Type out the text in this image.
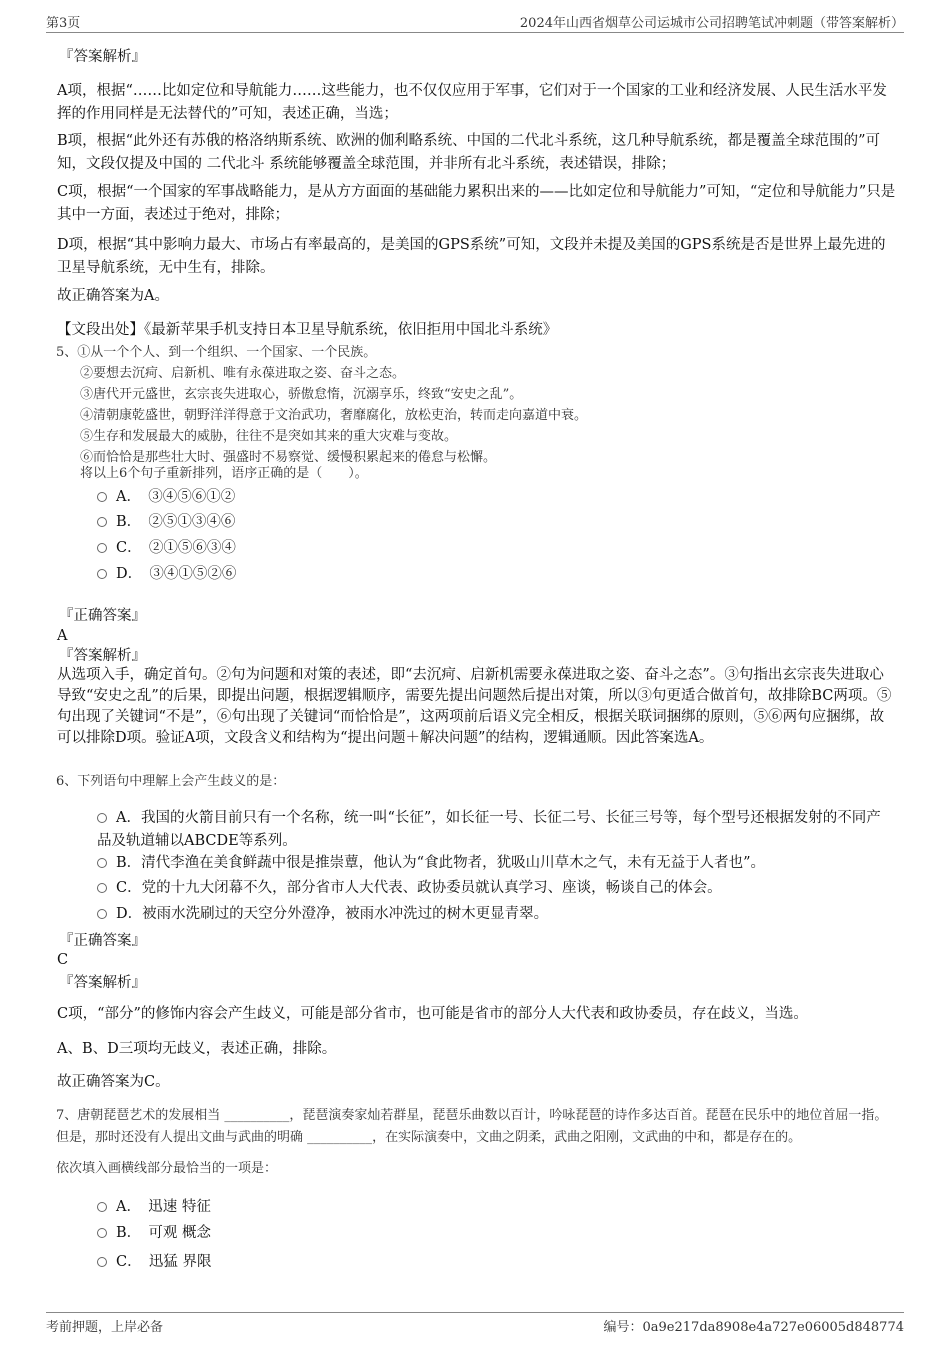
第3页	2024年山西省烟草公司运城市公司招聘笔试冲刺题（带答案解析）
『答案解析』
A项，根据“……比如定位和导航能力……这些能力，也不仅仅应用于军事，它们对于一个国家的工业和经济发展、人民生活水平发挥的作用同样是无法替代的”可知，表述正确，当选；
B项，根据“此外还有苏俄的格洛纳斯系统、欧洲的伽利略系统、中国的二代北斗系统，这几种导航系统，都是覆盖全球范围的”可知，文段仅提及中国的 二代北斗 系统能够覆盖全球范围，并非所有北斗系统，表述错误，排除；
C项，根据“一个国家的军事战略能力，是从方方面面的基础能力累积出来的——比如定位和导航能力”可知，“定位和导航能力”只是其中一方面，表述过于绝对，排除；
D项，根据“其中影响力最大、市场占有率最高的，是美国的GPS系统”可知，文段并未提及美国的GPS系统是否是世界上最先进的卫星导航系统，无中生有，排除。
故正确答案为A。
【文段出处】《最新苹果手机支持日本卫星导航系统，依旧拒用中国北斗系统》
5、①从一个个人、到一个组织、一个国家、一个民族。
②要想去沉疴、启新机、唯有永葆进取之姿、奋斗之态。
③唐代开元盛世，玄宗丧失进取心，骄傲怠惰，沉溺享乐，终致“安史之乱”。
④清朝康乾盛世，朝野洋洋得意于文治武功，奢靡腐化，放松吏治，转而走向嘉道中衰。
⑤生存和发展最大的威胁，往往不是突如其来的重大灾难与变故。
⑥而恰恰是那些壮大时、强盛时不易察觉、缓慢积累起来的倦怠与松懈。
将以上6个句子重新排列，语序正确的是（　　）。
A．　③④⑤⑥①②
B．　②⑤①③④⑥
C．　②①⑤⑥③④
D．　③④①⑤②⑥
『正确答案』
A
『答案解析』
从选项入手，确定首句。②句为问题和对策的表述，即“去沉疴、启新机需要永葆进取之姿、奋斗之态”。③句指出玄宗丧失进取心导致“安史之乱”的后果，即提出问题，根据逻辑顺序，需要先提出问题然后提出对策，所以③句更适合做首句，故排除BC两项。⑤句出现了关键词“不是”，⑥句出现了关键词“而恰恰是”，这两项前后语义完全相反，根据关联词捆绑的原则，⑤⑥两句应捆绑，故可以排除D项。验证A项，文段含义和结构为“提出问题＋解决问题”的结构，逻辑通顺。因此答案选A。
6、下列语句中理解上会产生歧义的是：
A．我国的火箭目前只有一个名称，统一叫“长征”，如长征一号、长征二号、长征三号等，每个型号还根据发射的不同产品及轨道辅以ABCDE等系列。
B．清代李渔在美食鲜蔬中很是推崇蕈，他认为“食此物者，犹吸山川草木之气，未有无益于人者也”。
C．党的十九大闭幕不久，部分省市人大代表、政协委员就认真学习、座谈，畅谈自己的体会。
D．被雨水洗刷过的天空分外澄净，被雨水冲洗过的树木更显青翠。
『正确答案』
C
『答案解析』
C项，“部分”的修饰内容会产生歧义，可能是部分省市，也可能是省市的部分人大代表和政协委员，存在歧义，当选。
A、B、D三项均无歧义，表述正确，排除。
故正确答案为C。
7、唐朝琵琶艺术的发展相当 __________，琵琶演奏家灿若群星，琵琶乐曲数以百计，吟咏琵琶的诗作多达百首。琵琶在民乐中的地位首屈一指。但是，那时还没有人提出文曲与武曲的明确 __________，在实际演奏中，文曲之阴柔，武曲之阳刚，文武曲的中和，都是存在的。
依次填入画横线部分最恰当的一项是：
A．　迅速 特征
B．　可观 概念
C．　迅猛 界限
考前押题，上岸必备	编号：0a9e217da8908e4a727e06005d848774
